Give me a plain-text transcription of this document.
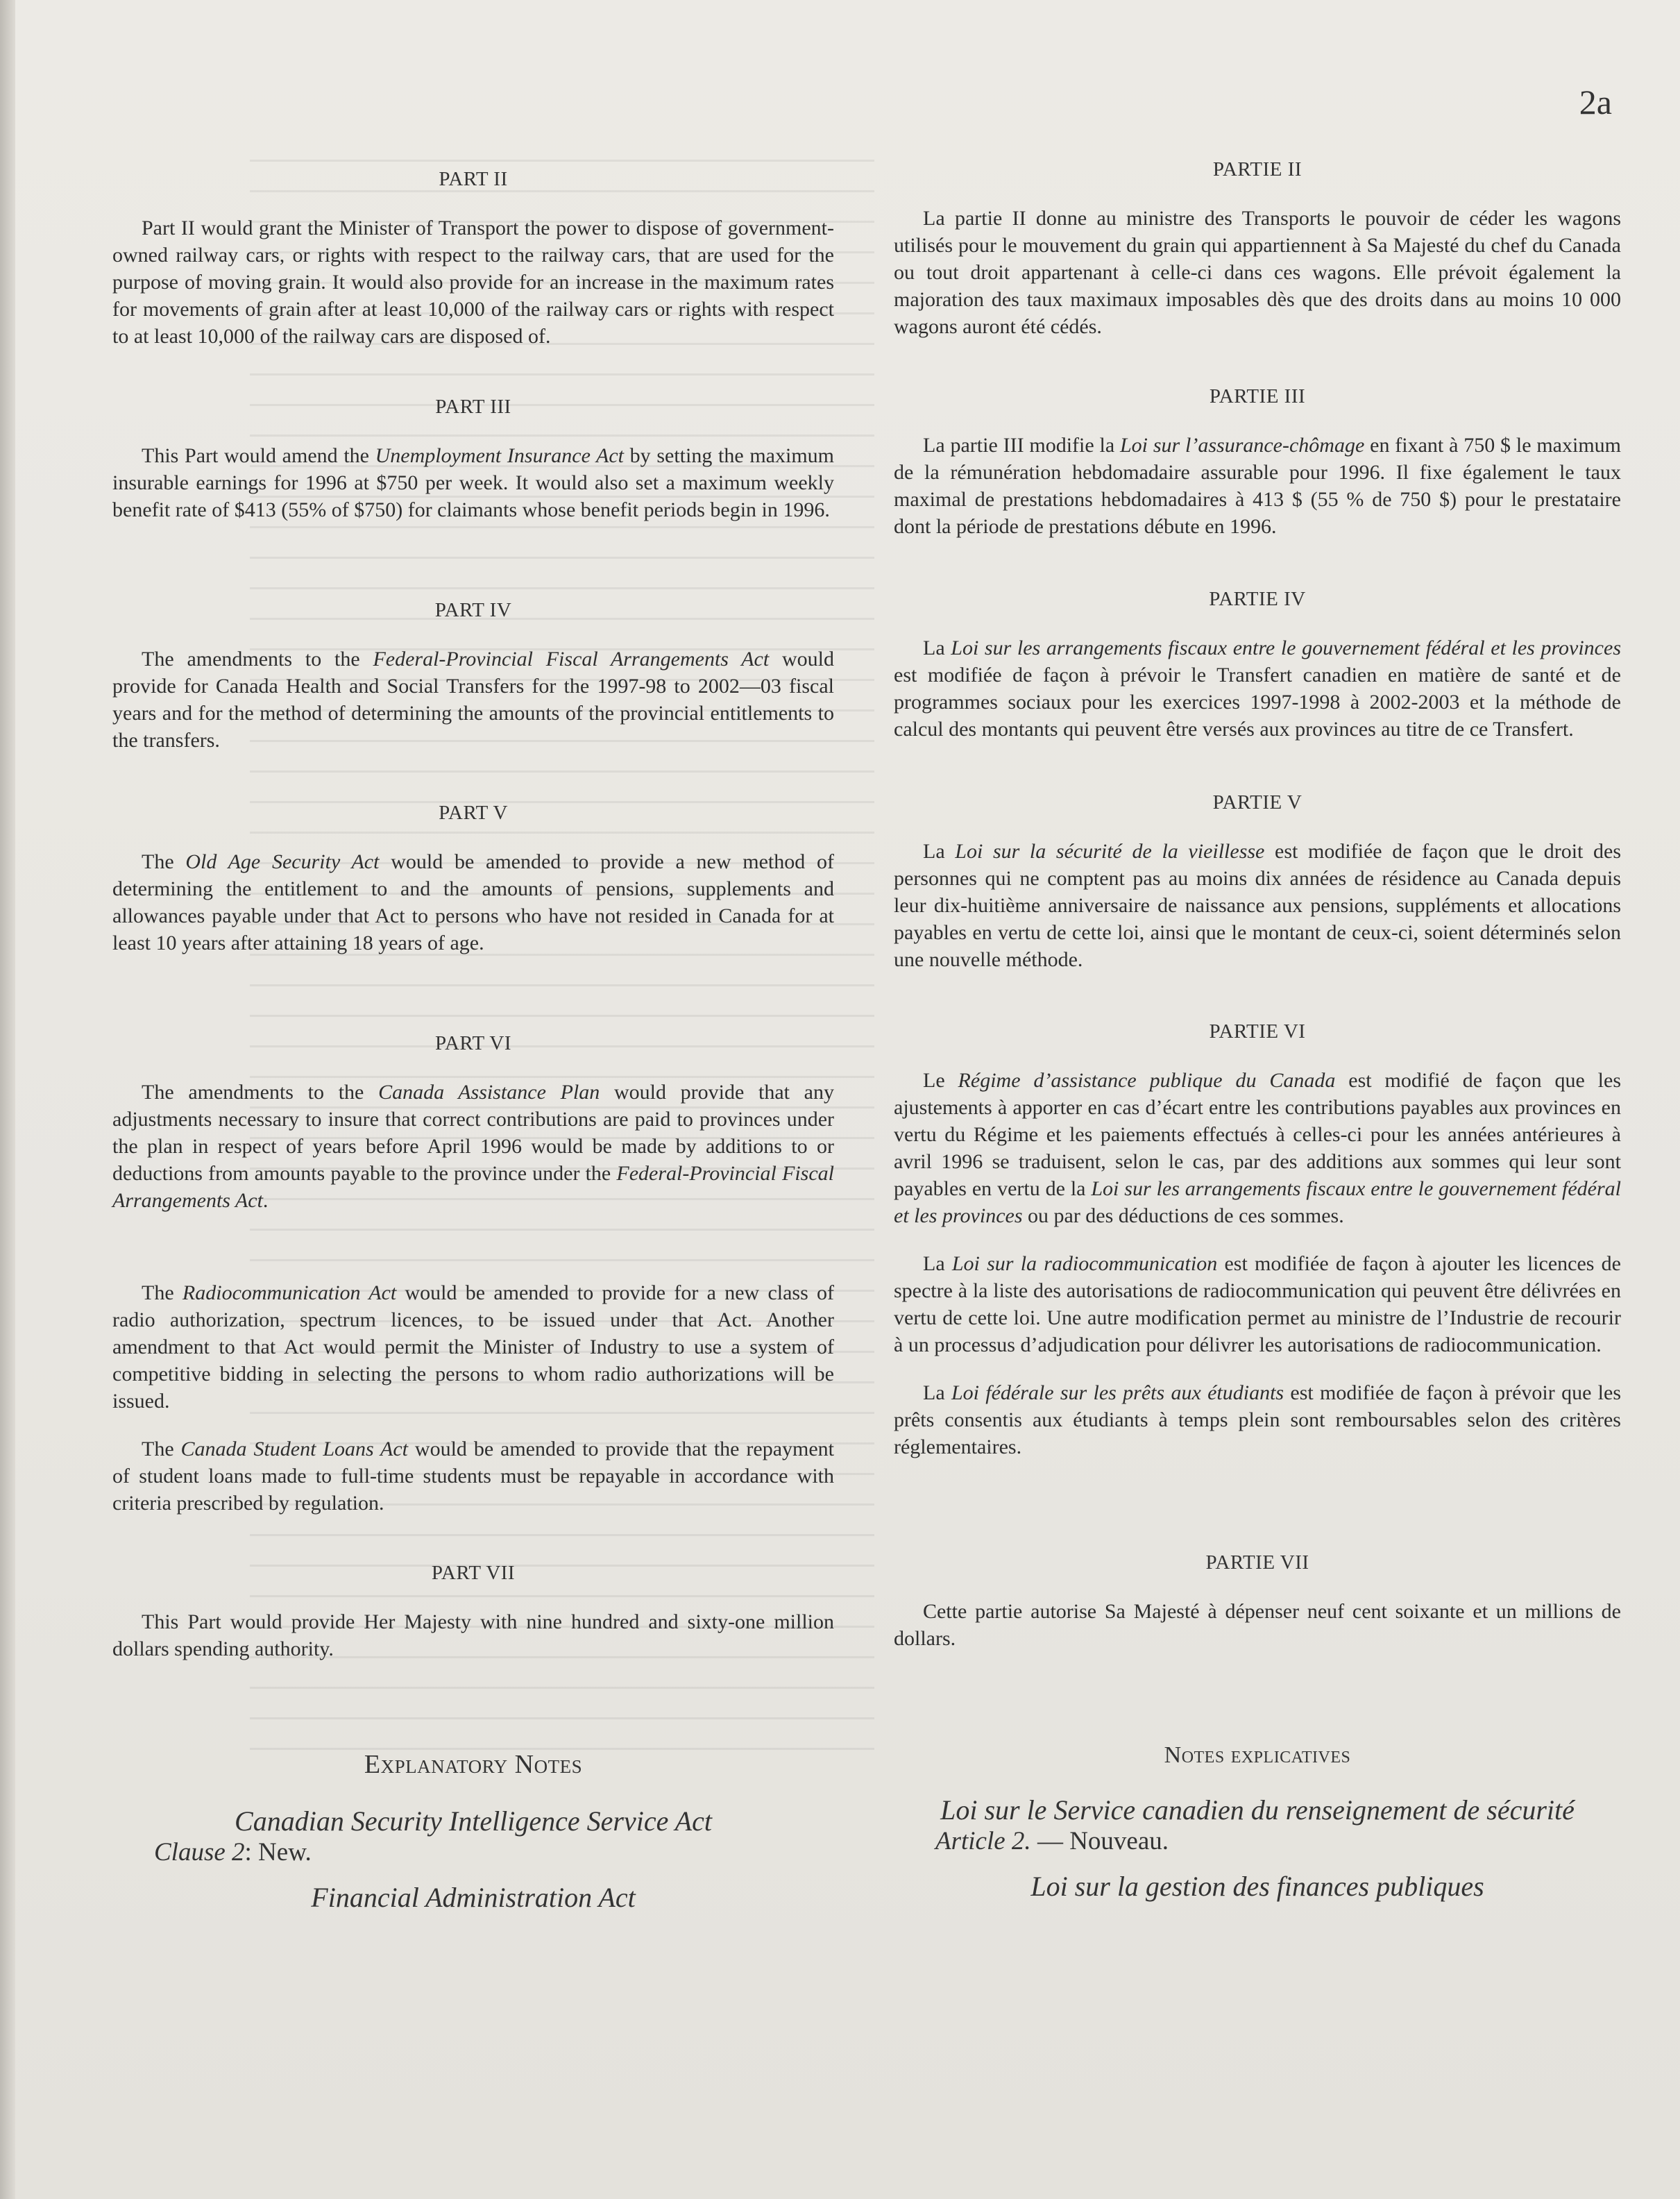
2a

PART II

Part II would grant the Minister of Transport the power to dispose of government-owned railway cars, or rights with respect to the railway cars, that are used for the purpose of moving grain. It would also provide for an increase in the maximum rates for movements of grain after at least 10,000 of the railway cars or rights with respect to at least 10,000 of the railway cars are disposed of.

PART III

This Part would amend the Unemployment Insurance Act by setting the maximum insurable earnings for 1996 at $750 per week. It would also set a maximum weekly benefit rate of $413 (55% of $750) for claimants whose benefit periods begin in 1996.

PART IV

The amendments to the Federal-Provincial Fiscal Arrangements Act would provide for Canada Health and Social Transfers for the 1997-98 to 2002—03 fiscal years and for the method of determining the amounts of the provincial entitlements to the transfers.

PART V

The Old Age Security Act would be amended to provide a new method of determining the entitlement to and the amounts of pensions, supplements and allowances payable under that Act to persons who have not resided in Canada for at least 10 years after attaining 18 years of age.

PART VI

The amendments to the Canada Assistance Plan would provide that any adjustments necessary to insure that correct contributions are paid to provinces under the plan in respect of years before April 1996 would be made by additions to or deductions from amounts payable to the province under the Federal-Provincial Fiscal Arrangements Act.

The Radiocommunication Act would be amended to provide for a new class of radio authorization, spectrum licences, to be issued under that Act. Another amendment to that Act would permit the Minister of Industry to use a system of competitive bidding in selecting the persons to whom radio authorizations will be issued.

The Canada Student Loans Act would be amended to provide that the repayment of student loans made to full-time students must be repayable in accordance with criteria prescribed by regulation.

PART VII

This Part would provide Her Majesty with nine hundred and sixty-one million dollars spending authority.

Explanatory Notes

Canadian Security Intelligence Service Act

Clause 2: New.

Financial Administration Act

PARTIE II

La partie II donne au ministre des Transports le pouvoir de céder les wagons utilisés pour le mouvement du grain qui appartiennent à Sa Majesté du chef du Canada ou tout droit appartenant à celle-ci dans ces wagons. Elle prévoit également la majoration des taux maximaux imposables dès que des droits dans au moins 10 000 wagons auront été cédés.

PARTIE III

La partie III modifie la Loi sur l’assurance-chômage en fixant à 750 $ le maximum de la rémunération hebdomadaire assurable pour 1996. Il fixe également le taux maximal de prestations hebdomadaires à 413 $ (55 % de 750 $) pour le prestataire dont la période de prestations débute en 1996.

PARTIE IV

La Loi sur les arrangements fiscaux entre le gouvernement fédéral et les provinces est modifiée de façon à prévoir le Transfert canadien en matière de santé et de programmes sociaux pour les exercices 1997-1998 à 2002-2003 et la méthode de calcul des montants qui peuvent être versés aux provinces au titre de ce Transfert.

PARTIE V

La Loi sur la sécurité de la vieillesse est modifiée de façon que le droit des personnes qui ne comptent pas au moins dix années de résidence au Canada depuis leur dix-huitième anniversaire de naissance aux pensions, suppléments et allocations payables en vertu de cette loi, ainsi que le montant de ceux-ci, soient déterminés selon une nouvelle méthode.

PARTIE VI

Le Régime d’assistance publique du Canada est modifié de façon que les ajustements à apporter en cas d’écart entre les contributions payables aux provinces en vertu du Régime et les paiements effectués à celles-ci pour les années antérieures à avril 1996 se traduisent, selon le cas, par des additions aux sommes qui leur sont payables en vertu de la Loi sur les arrangements fiscaux entre le gouvernement fédéral et les provinces ou par des déductions de ces sommes.

La Loi sur la radiocommunication est modifiée de façon à ajouter les licences de spectre à la liste des autorisations de radiocommunication qui peuvent être délivrées en vertu de cette loi. Une autre modification permet au ministre de l’Industrie de recourir à un processus d’adjudication pour délivrer les autorisations de radiocommunication.

La Loi fédérale sur les prêts aux étudiants est modifiée de façon à prévoir que les prêts consentis aux étudiants à temps plein sont remboursables selon des critères réglementaires.

PARTIE VII

Cette partie autorise Sa Majesté à dépenser neuf cent soixante et un millions de dollars.

Notes explicatives

Loi sur le Service canadien du renseignement de sécurité

Article 2. — Nouveau.

Loi sur la gestion des finances publiques
